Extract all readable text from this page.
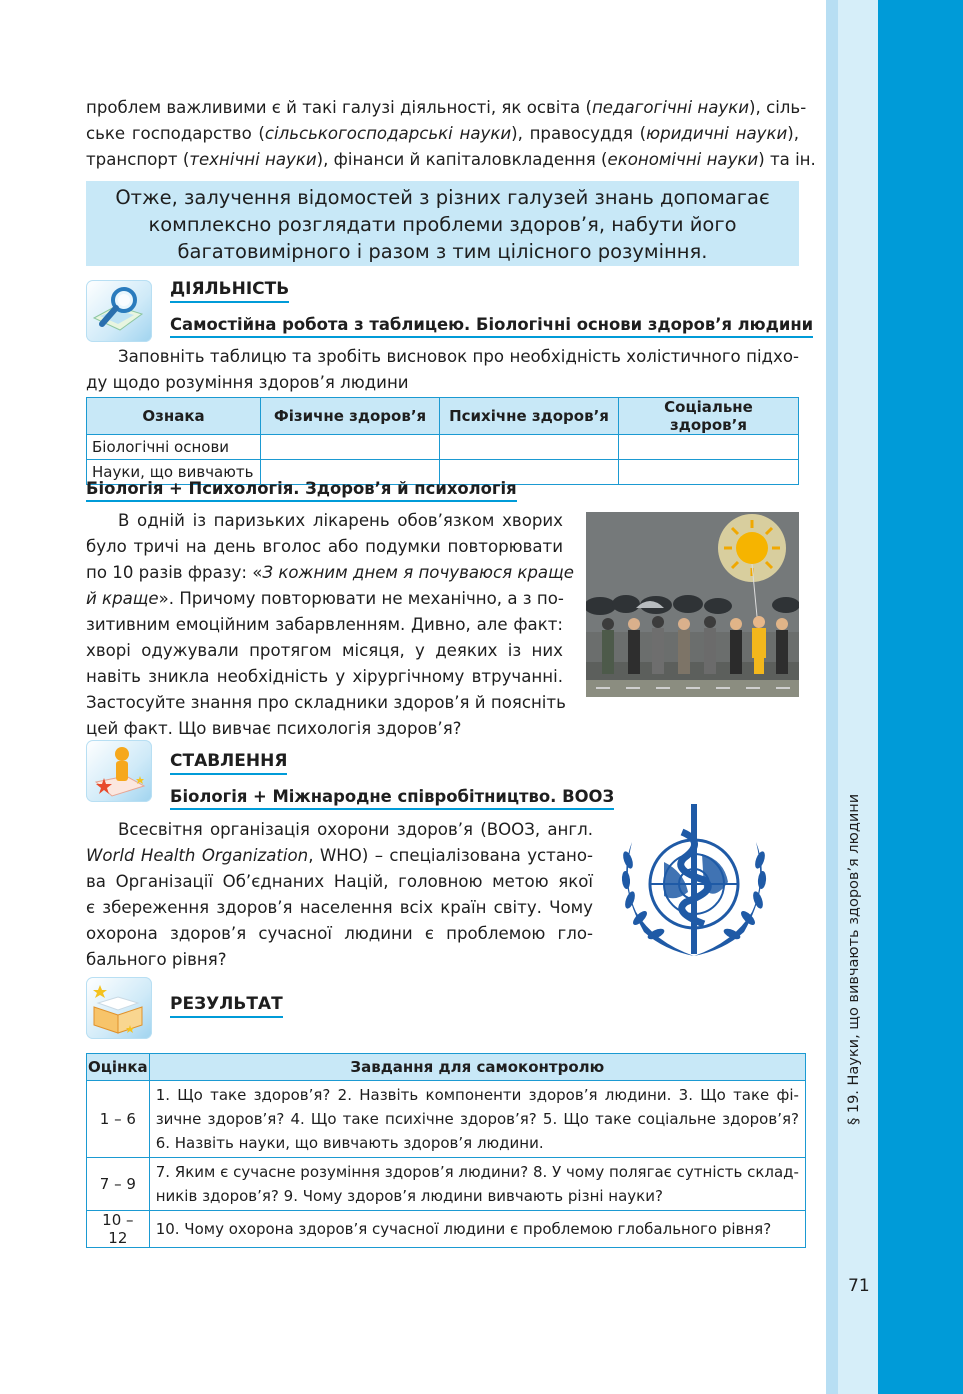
§ 19. Науки, що вивчають здоров’я людини
71
проблем важливими є й такі галузі діяльності, як освіта (педагогічні науки), сіль-
ське господарство (сільськогосподарські науки), правосуддя (юридичні науки),
транспорт (технічні науки), фінанси й капіталовкладення (економічні науки) та ін.
Отже, залучення відомостей з різних галузей знань допомагає
комплексно розглядати проблеми здоров’я, набути його
багатовимірного і разом з тим цілісного розуміння.
ДІЯЛЬНІСТЬ
Самостійна робота з таблицею. Біологічні основи здоров’я людини
Заповніть таблицю та зробіть висновок про необхідність холістичного підхо-
ду щодо розуміння здоров’я людини
Ознака	Фізичне здоров’я	Психічне здоров’я	Соціальне здоров’я
Біологічні основи			
Науки, що вивчають			
Біологія + Психологія. Здоров’я й психологія
В одній із паризьких лікарень обов’язком хворих
було тричі на день вголос або подумки повторювати
по 10 разів фразу: «З кожним днем я почуваюся краще
й краще». Причому повторювати не механічно, а з по-
зитивним емоційним забарвленням. Дивно, але факт:
хворі одужували протягом місяця, у деяких із них
навіть зникла необхідність у хірургічному втручанні.
Застосуйте знання про складники здоров’я й поясніть
цей факт. Що вивчає психологія здоров’я?
СТАВЛЕННЯ
Біологія + Міжнародне співробітництво. ВООЗ
Всесвітня організація охорони здоров’я (ВООЗ, англ.
World Health Organization, WHO) – спеціалізована устано-
ва Організації Об’єднаних Націй, головною метою якої
є збереження здоров’я населення всіх країн світу. Чому
охорона здоров’я сучасної людини є проблемою гло-
бального рівня?
РЕЗУЛЬТАТ
Оцінка	Завдання для самоконтролю
1 – 6	1. Що таке здоров’я? 2. Назвіть компоненти здоров’я людини. 3. Що таке фі-
зичне здоров’я? 4. Що таке психічне здоров’я? 5. Що таке соціальне здоров’я?
6. Назвіть науки, що вивчають здоров’я людини.

7 – 9	7. Яким є сучасне розуміння здоров’я людини? 8. У чому полягає сутність склад-
ників здоров’я? 9. Чому здоров’я людини вивчають різні науки?

10 – 12	10. Чому охорона здоров’я сучасної людини є проблемою глобального рівня?
